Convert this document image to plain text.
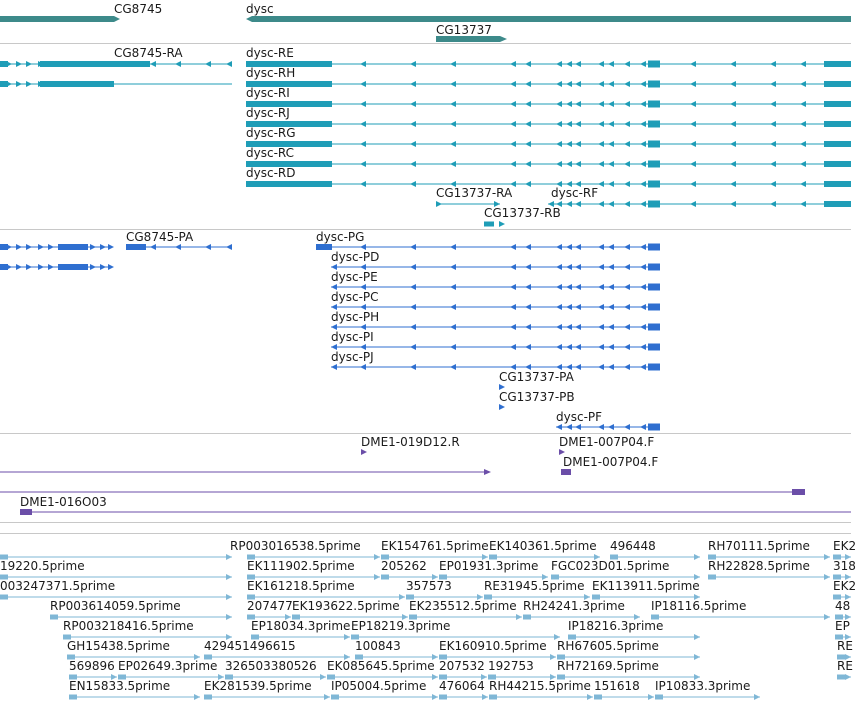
CG8745	dysc
CG13737
CG8745-RA	dysc-RE
dysc-RH
dysc-RI
dysc-RJ
dysc-RG
dysc-RC
dysc-RD
CG13737-RA	dysc-RF
CG13737-RB
CG8745-PA	dysc-PG
dysc-PD
dysc-PE
dysc-PC
dysc-PH
dysc-PI
dysc-PJ
CG13737-PA
CG13737-PB
dysc-PF
DME1-019D12.R	DME1-007P04.F
DME1-007P04.F
DME1-016O03
RP003016538.5prime EK154761.5prime EK140361.5prime 496448	RH70111.5prime EK2
19220.5prime	EK111902.5prime 205262 EP01931.3prime FGC023D01.5prime	RH22828.5prime 318
003247371.5prime	EK161218.5prime	357573	RE31945.5prime EK113911.5prime	EK2
RP003614059.5prime	207477 EK193622.5prime EK235512.5prime RH24241.3prime IP18116.5prime	48
RP003218416.5prime	EP18034.3prime EP18219.3prime	IP18216.3prime	EP
GH15438.5prime	429451496615	100843	EK160910.5prime RH67605.5prime	RE
569896 EP02649.3prime 326503380526 EK085645.5prime 207532 192753 RH72169.5prime	RE
EN15833.5prime	EK281539.5prime IP05004.5prime 476064 RH44215.5prime 151618 IP10833.3prime
